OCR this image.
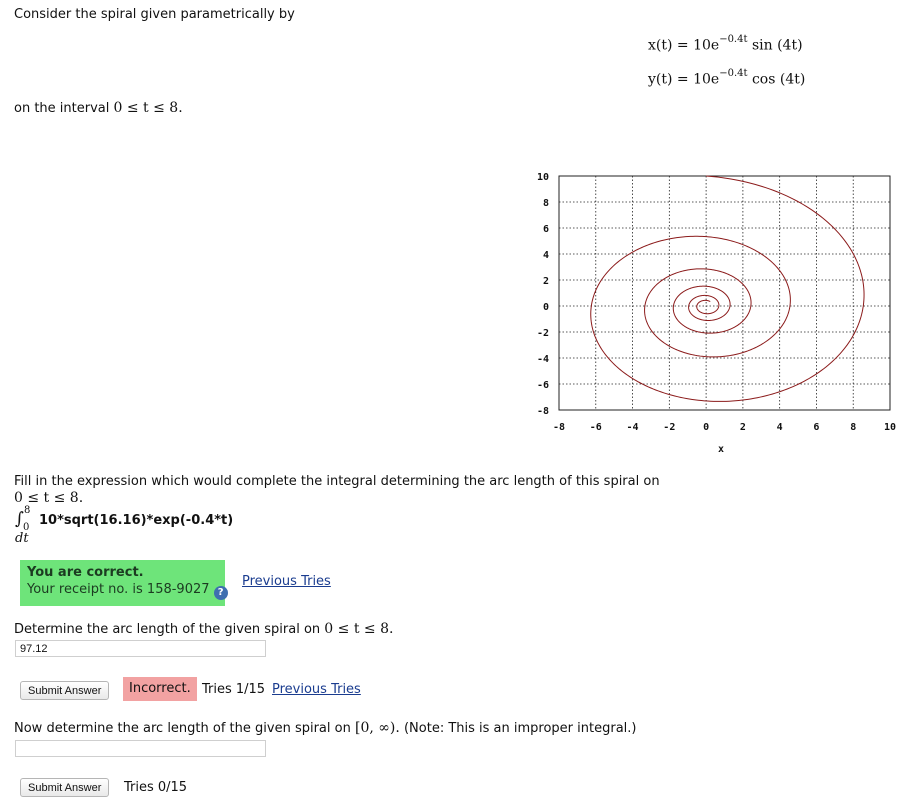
Consider the spiral given parametrically by
$x(t) = 10e^{-0.4t}$ sin (4t)
$y(t) = 10e^{-0.4t}$ cos (4t)
on the interval 0 ≤ t ≤ 8.
-8 -6 -4 -2	0	2	4	6	8	10
10
8
6
4
2
0
-2
-4
-6
-8
x
Fill in the expression which would complete the integral determining the arc length of this spiral on
0 ≤ t ≤ 8.
∫ 8
0 10*sqrt(16.16)*exp(-0.4*t)
dt
You are correct.
Your receipt no. is 158-9027 ?
Previous Tries
Determine the arc length of the given spiral on 0 ≤ t ≤ 8.
97.12
Submit Answer	Incorrect. Tries 1/15 Previous Tries
Now determine the arc length of the given spiral on [0, ∞). (Note: This is an improper integral.)
Submit Answer	Tries 0/15
